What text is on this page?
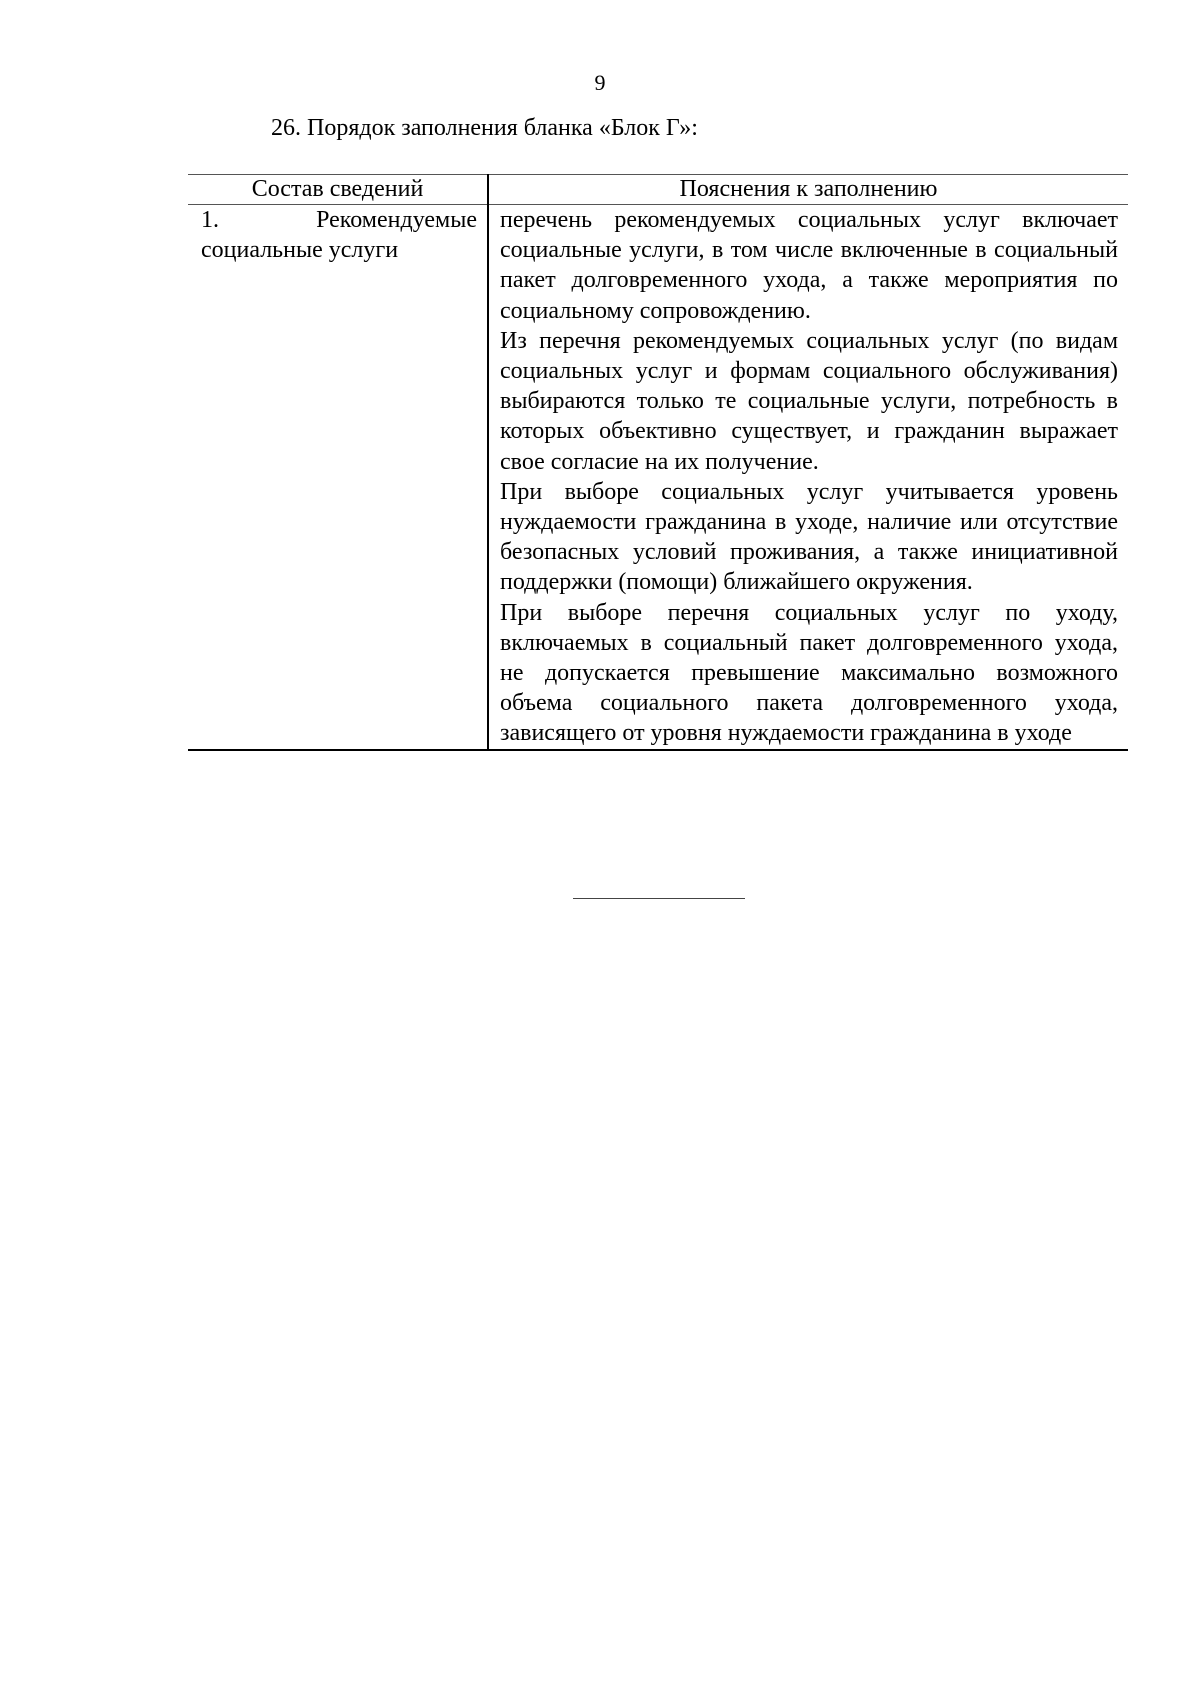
9
26. Порядок заполнения бланка «Блок Г»:
Состав сведений	Пояснения к заполнению

1. Рекомендуемые социальные услуги	перечень рекомендуемых социальных услуг включает социальные услуги, в том числе включенные в социальный пакет долговременного ухода, а также мероприятия по социальному сопровождению.

Из перечня рекомендуемых социальных услуг (по видам социальных услуг и формам социального обслуживания) выбираются только те социальные услуги, потребность в которых объективно существует, и гражданин выражает свое согласие на их получение.

При выборе социальных услуг учитывается уровень нуждаемости гражданина в уходе, наличие или отсутствие безопасных условий проживания, а также инициативной поддержки (помощи) ближайшего окружения.

При выборе перечня социальных услуг по уходу, включаемых в социальный пакет долговременного ухода, не допускается превышение максимально возможного объема социального пакета долговременного ухода, зависящего от уровня нуждаемости гражданина в уходе
